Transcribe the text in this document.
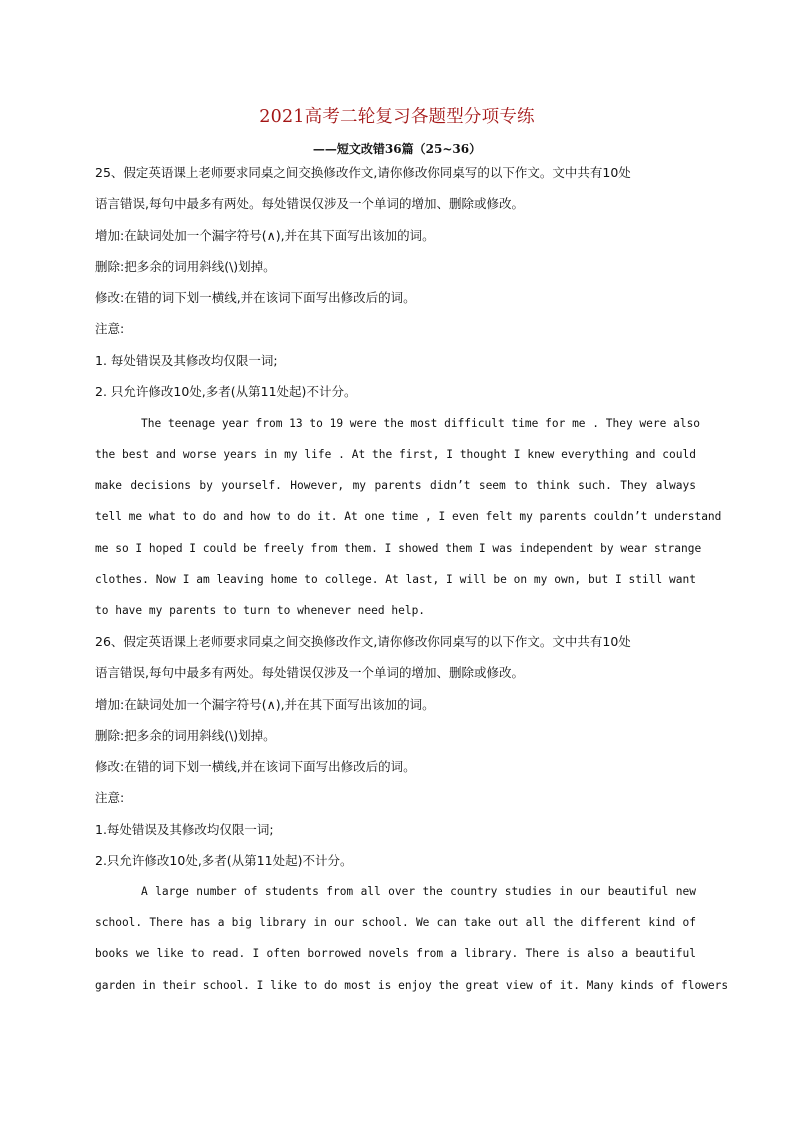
2021高考二轮复习各题型分项专练
——短文改错36篇（25~36）
25、假定英语课上老师要求同桌之间交换修改作文,请你修改你同桌写的以下作文。文中共有10处
语言错误,每句中最多有两处。每处错误仅涉及一个单词的增加、删除或修改。
增加:在缺词处加一个漏字符号(∧),并在其下面写出该加的词。
删除:把多余的词用斜线(\)划掉。
修改:在错的词下划一横线,并在该词下面写出修改后的词。
注意:
1. 每处错误及其修改均仅限一词;
2. 只允许修改10处,多者(从第11处起)不计分。
The teenage year from 13 to 19 were the most difficult time for me . They were also
the best and worse years in my life . At the first, I thought I knew everything and could
make decisions by yourself. However, my parents didn’t seem to think such. They always
tell me what to do and how to do it. At one time , I even felt my parents couldn’t understand
me so I hoped I could be freely from them. I showed them I was independent by wear strange
clothes. Now I am leaving home to college. At last, I will be on my own, but I still want
to have my parents to turn to whenever need help.
26、假定英语课上老师要求同桌之间交换修改作文,请你修改你同桌写的以下作文。文中共有10处
语言错误,每句中最多有两处。每处错误仅涉及一个单词的增加、删除或修改。
增加:在缺词处加一个漏字符号(∧),并在其下面写出该加的词。
删除:把多余的词用斜线(\)划掉。
修改:在错的词下划一横线,并在该词下面写出修改后的词。
注意:
1.每处错误及其修改均仅限一词;
2.只允许修改10处,多者(从第11处起)不计分。
A large number of students from all over the country studies in our beautiful new
school. There has a big library in our school. We can take out all the different kind of
books we like to read. I often borrowed novels from a library. There is also a beautiful
garden in their school. I like to do most is enjoy the great view of it. Many kinds of flowers
